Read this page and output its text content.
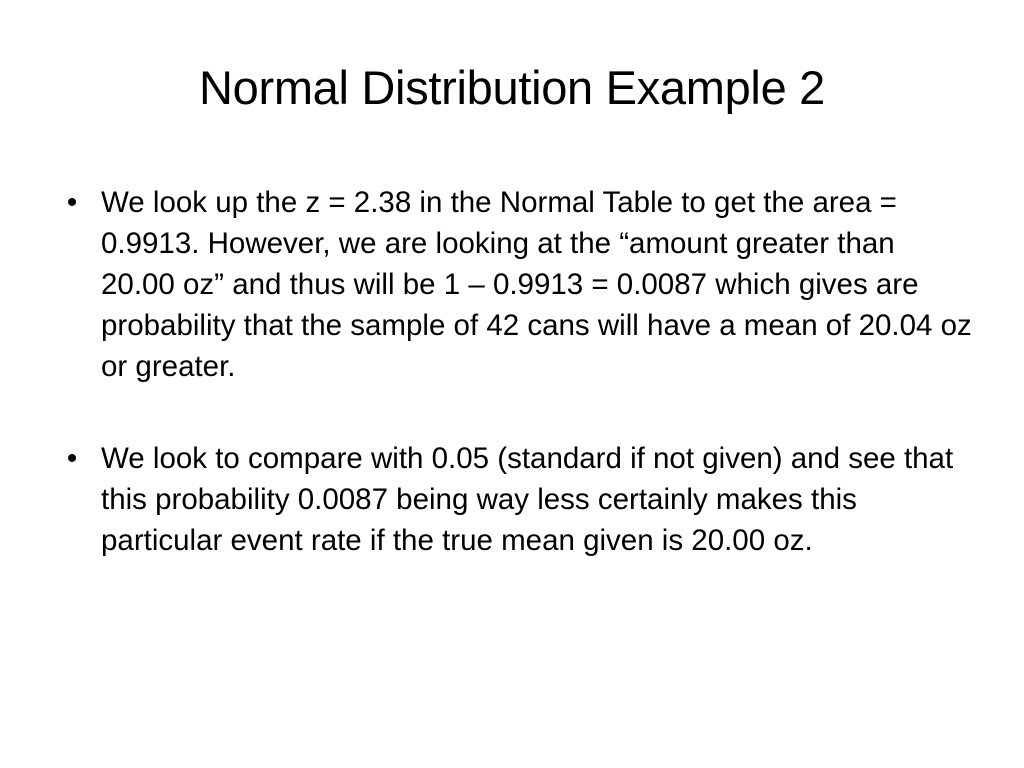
Normal Distribution Example 2
• We look up the z = 2.38 in the Normal Table to get the area = 0.9913. However, we are looking at the “amount greater than 20.00 oz” and thus will be 1 – 0.9913 = 0.0087 which gives are probability that the sample of 42 cans will have a mean of 20.04 oz or greater.
• We look to compare with 0.05 (standard if not given) and see that this probability 0.0087 being way less certainly makes this particular event rate if the true mean given is 20.00 oz.
